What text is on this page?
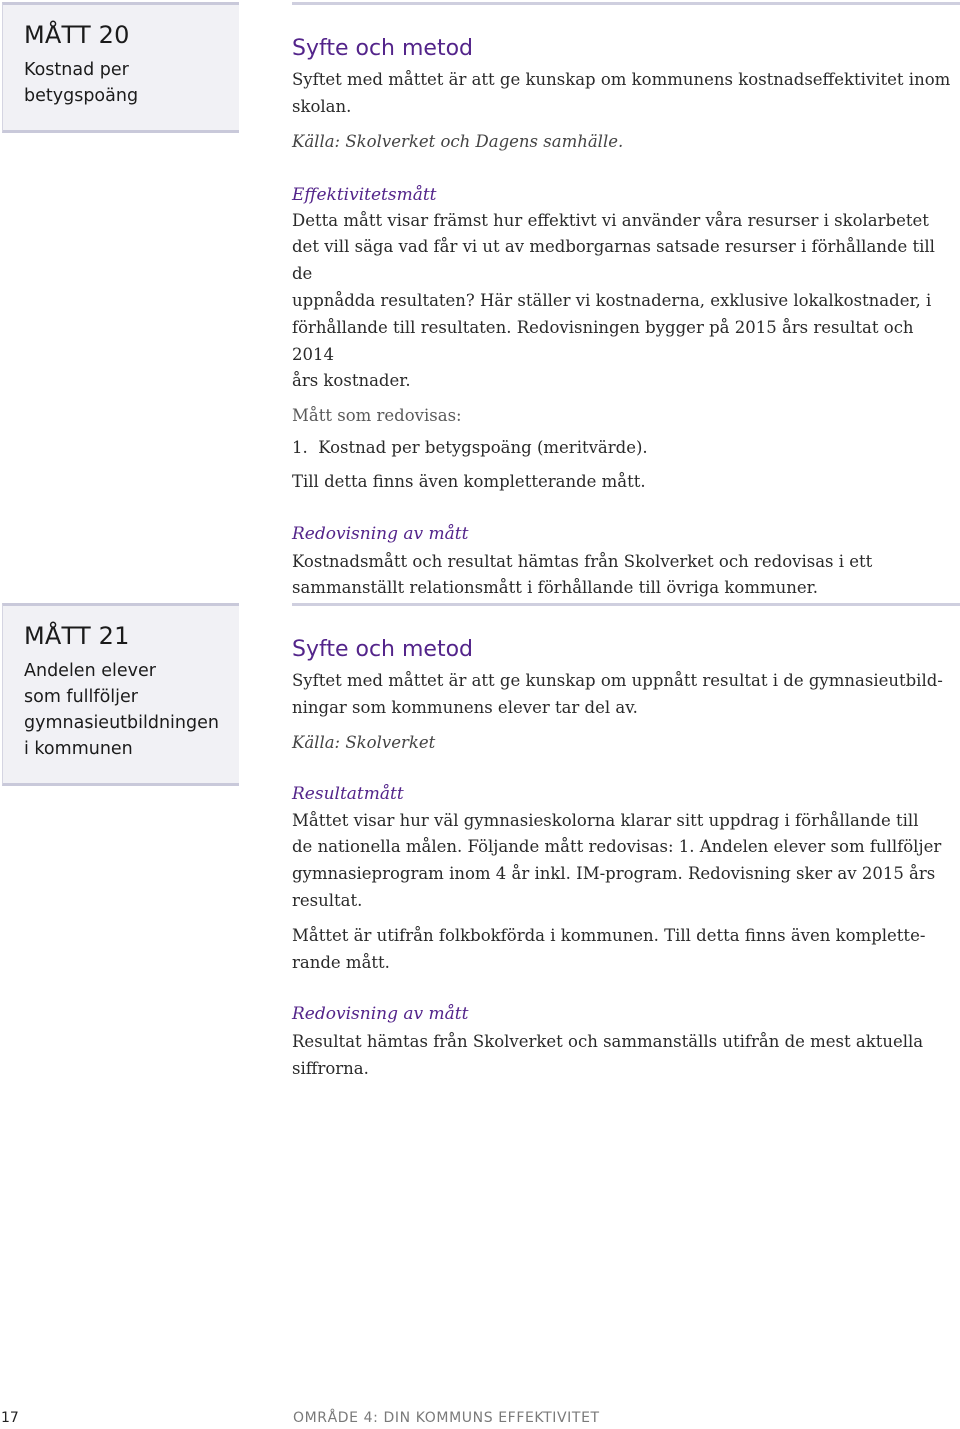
MÅTT 20
Kostnad per
betygspoäng
Syfte och metod

Syftet med måttet är att ge kunskap om kommunens kostnadseffektivitet inom

skolan.

Källa: Skolverket och Dagens samhälle.

Effektivitetsmått

Detta mått visar främst hur effektivt vi använder våra resurser i skolarbetet

det vill säga vad får vi ut av medborgarnas satsade resurser i förhållande till de

uppnådda resultaten? Här ställer vi kostnaderna, exklusive lokalkostnader, i

förhållande till resultaten. Redovisningen bygger på 2015 års resultat och 2014

års kostnader.

Mått som redovisas:

1.  Kostnad per betygspoäng (meritvärde).

Till detta finns även kompletterande mått.

Redovisning av mått

Kostnadsmått och resultat hämtas från Skolverket och redovisas i ett

sammanställt relationsmått i förhållande till övriga kommuner.

MÅTT 21
Andelen elever
som fullföljer
gymnasieutbildningen
i kommunen
Syfte och metod

Syftet med måttet är att ge kunskap om uppnått resultat i de gymnasieutbild-

ningar som kommunens elever tar del av.

Källa: Skolverket

Resultatmått

Måttet visar hur väl gymnasieskolorna klarar sitt uppdrag i förhållande till

de nationella målen. Följande mått redovisas: 1. Andelen elever som fullföljer

gymnasieprogram inom 4 år inkl. IM-program. Redovisning sker av 2015 års

resultat.

Måttet är utifrån folkbokförda i kommunen. Till detta finns även komplette-

rande mått.

Redovisning av mått

Resultat hämtas från Skolverket och sammanställs utifrån de mest aktuella

siffrorna.

17	OMRÅDE 4: DIN KOMMUNS EFFEKTIVITET
